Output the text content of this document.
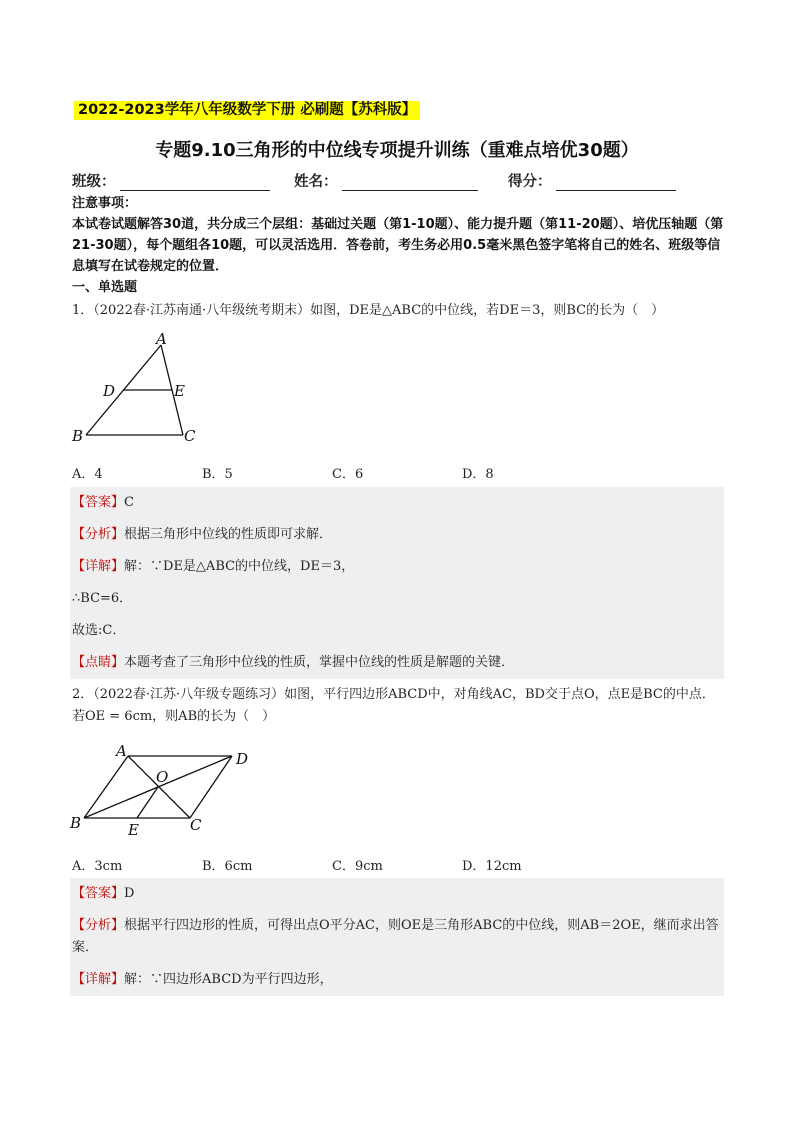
2022-2023学年八年级数学下册 必刷题【苏科版】
专题9.10三角形的中位线专项提升训练（重难点培优30题）
班级：	姓名：	得分：
注意事项：
本试卷试题解答30道，共分成三个层组：基础过关题（第1-10题）、能力提升题（第11-20题）、培优压轴题（第21-30题），每个题组各10题，可以灵活选用．答卷前，考生务必用0.5毫米黑色签字笔将自己的姓名、班级等信息填写在试卷规定的位置．
一、单选题
1．（2022春·江苏南通·八年级统考期末）如图，DE是△ABC的中位线，若DE＝3，则BC的长为（　）
A
B	C
D	E
A．4	B．5	C．6	D．8
【答案】C
【分析】根据三角形中位线的性质即可求解．
【详解】解：∵DE是△ABC的中位线，DE＝3，
∴BC=6．
故选:C．
【点睛】本题考查了三角形中位线的性质，掌握中位线的性质是解题的关键．
2．（2022春·江苏·八年级专题练习）如图，平行四边形ABCD中，对角线AC，BD交于点O，点E是BC的中点．若OE = 6cm，则AB的长为（　）
A	D
O
B	E	C
A．3cm	B．6cm	C．9cm	D．12cm
【答案】D
【分析】根据平行四边形的性质，可得出点O平分AC，则OE是三角形ABC的中位线，则AB＝2OE，继而求出答案．
【详解】解：∵四边形ABCD为平行四边形，
